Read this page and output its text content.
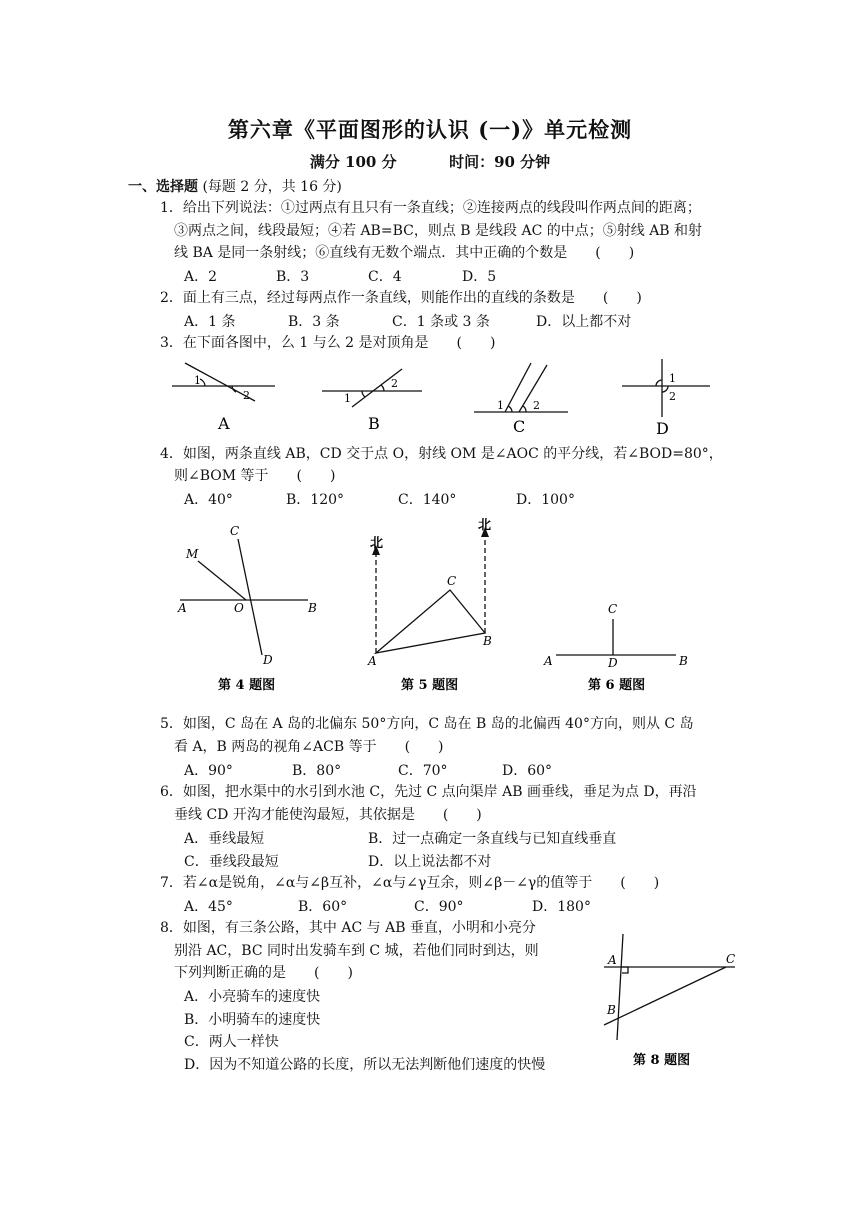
第六章《平面图形的认识 (一)》单元检测
满分 100 分	时间：90 分钟
一、选择题 (每题 2 分，共 16 分)
1．给出下列说法：①过两点有且只有一条直线；②连接两点的线段叫作两点间的距离；
③两点之间，线段最短；④若 AB=BC，则点 B 是线段 AC 的中点；⑤射线 AB 和射
线 BA 是同一条射线；⑥直线有无数个端点．其中正确的个数是　　(　　)
A．2	B．3	C．4	D．5
2．面上有三点，经过每两点作一条直线，则能作出的直线的条数是　　(　　)
A．1 条	B．3 条	C．1 条或 3 条	D．以上都不对
3．在下面各图中，么 1 与么 2 是对顶角是　　(　　)
1
2
A
1
2
B
1	2
C
1
2
D
4．如图，两条直线 AB，CD 交于点 O，射线 OM 是∠AOC 的平分线，若∠BOD=80°，
则∠BOM 等于　　(　　)
A．40°	B．120°	C．140°	D．100°
M
C
A	O	B
D
第 4 题图
北
北
C
A
B
第 5 题图
C
A	D	B
第 6 题图
5．如图，C 岛在 A 岛的北偏东 50°方向，C 岛在 B 岛的北偏西 40°方向，则从 C 岛
看 A，B 两岛的视角∠ACB 等于　　(　　)
A．90°	B．80°	C．70°	D．60°
6．如图，把水渠中的水引到水池 C，先过 C 点向渠岸 AB 画垂线，垂足为点 D，再沿
垂线 CD 开沟才能使沟最短，其依据是　　(　　)
A．垂线最短	B．过一点确定一条直线与已知直线垂直
C．垂线段最短	D．以上说法都不对
7．若∠α是锐角，∠α与∠β互补，∠α与∠γ互余，则∠β－∠γ的值等于　　(　　)
A．45°	B．60°	C．90°	D．180°
8．如图，有三条公路，其中 AC 与 AB 垂直，小明和小亮分
别沿 AC，BC 同时出发骑车到 C 城，若他们同时到达，则
下列判断正确的是　　(　　)
A．小亮骑车的速度快
B．小明骑车的速度快
C．两人一样快
D．因为不知道公路的长度，所以无法判断他们速度的快慢
A	C
B
第 8 题图
